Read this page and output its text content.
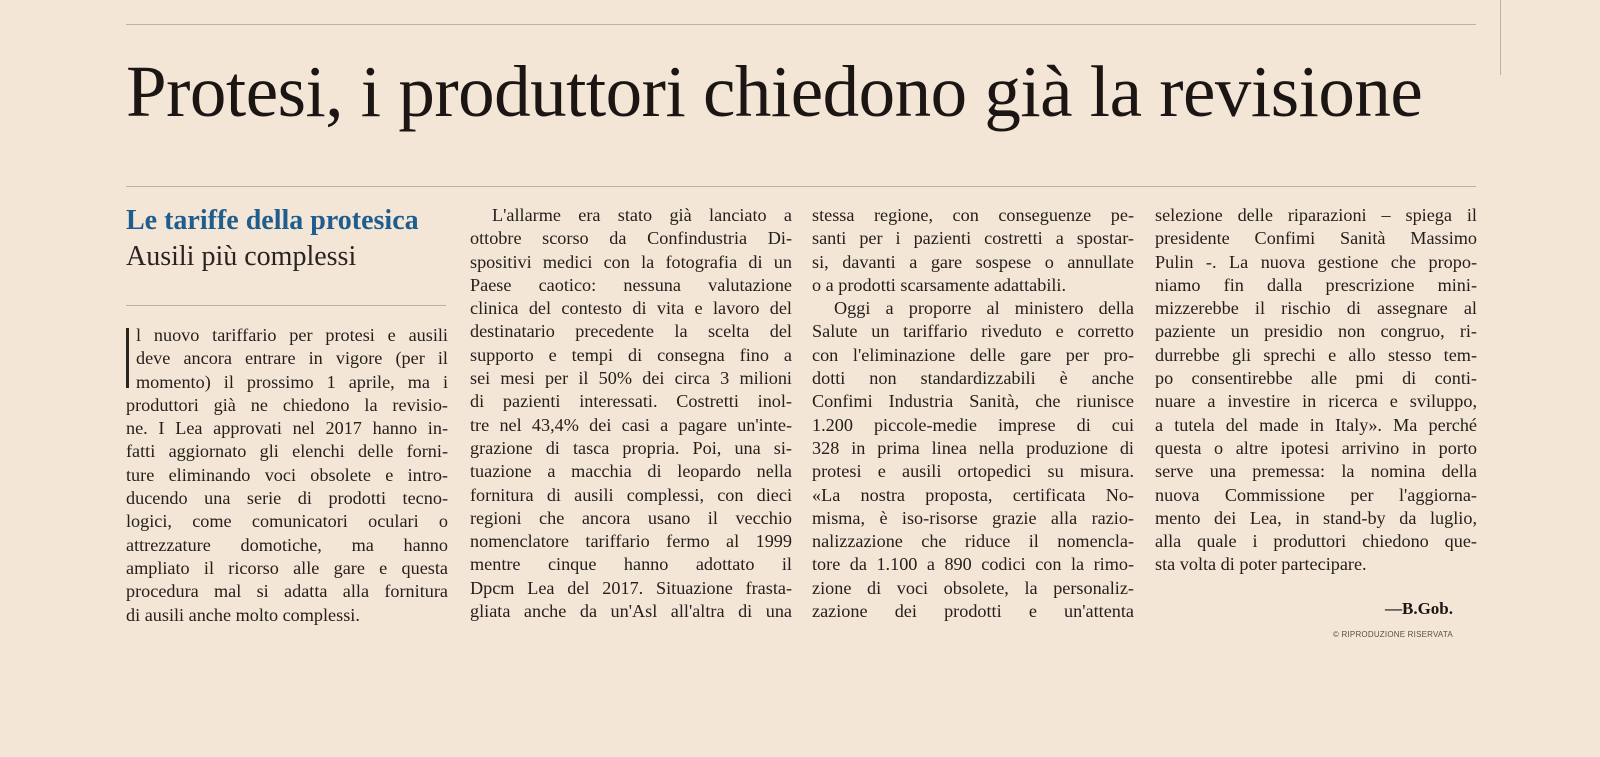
Protesi, i produttori chiedono già la revisione
Le tariffe della protesica
Ausili più complessi
l nuovo tariffario per protesi e ausili
deve ancora entrare in vigore (per il
momento) il prossimo 1 aprile, ma i
produttori già ne chiedono la revisio-
ne. I Lea approvati nel 2017 hanno in-
fatti aggiornato gli elenchi delle forni-
ture eliminando voci obsolete e intro-
ducendo una serie di prodotti tecno-
logici, come comunicatori oculari o
attrezzature domotiche, ma hanno
ampliato il ricorso alle gare e questa
procedura mal si adatta alla fornitura
di ausili anche molto complessi.
L'allarme era stato già lanciato a
ottobre scorso da Confindustria Di-
spositivi medici con la fotografia di un
Paese caotico: nessuna valutazione
clinica del contesto di vita e lavoro del
destinatario precedente la scelta del
supporto e tempi di consegna fino a
sei mesi per il 50% dei circa 3 milioni
di pazienti interessati. Costretti inol-
tre nel 43,4% dei casi a pagare un'inte-
grazione di tasca propria. Poi, una si-
tuazione a macchia di leopardo nella
fornitura di ausili complessi, con dieci
regioni che ancora usano il vecchio
nomenclatore tariffario fermo al 1999
mentre cinque hanno adottato il
Dpcm Lea del 2017. Situazione frasta-
gliata anche da un'Asl all'altra di una
stessa regione, con conseguenze pe-
santi per i pazienti costretti a spostar-
si, davanti a gare sospese o annullate
o a prodotti scarsamente adattabili.
Oggi a proporre al ministero della
Salute un tariffario riveduto e corretto
con l'eliminazione delle gare per pro-
dotti non standardizzabili è anche
Confimi Industria Sanità, che riunisce
1.200 piccole-medie imprese di cui
328 in prima linea nella produzione di
protesi e ausili ortopedici su misura.
«La nostra proposta, certificata No-
misma, è iso-risorse grazie alla razio-
nalizzazione che riduce il nomencla-
tore da 1.100 a 890 codici con la rimo-
zione di voci obsolete, la personaliz-
zazione dei prodotti e un'attenta
selezione delle riparazioni – spiega il
presidente Confimi Sanità Massimo
Pulin -. La nuova gestione che propo-
niamo fin dalla prescrizione mini-
mizzerebbe il rischio di assegnare al
paziente un presidio non congruo, ri-
durrebbe gli sprechi e allo stesso tem-
po consentirebbe alle pmi di conti-
nuare a investire in ricerca e sviluppo,
a tutela del made in Italy». Ma perché
questa o altre ipotesi arrivino in porto
serve una premessa: la nomina della
nuova Commissione per l'aggiorna-
mento dei Lea, in stand-by da luglio,
alla quale i produttori chiedono que-
sta volta di poter partecipare.
—B.Gob.
© RIPRODUZIONE RISERVATA
